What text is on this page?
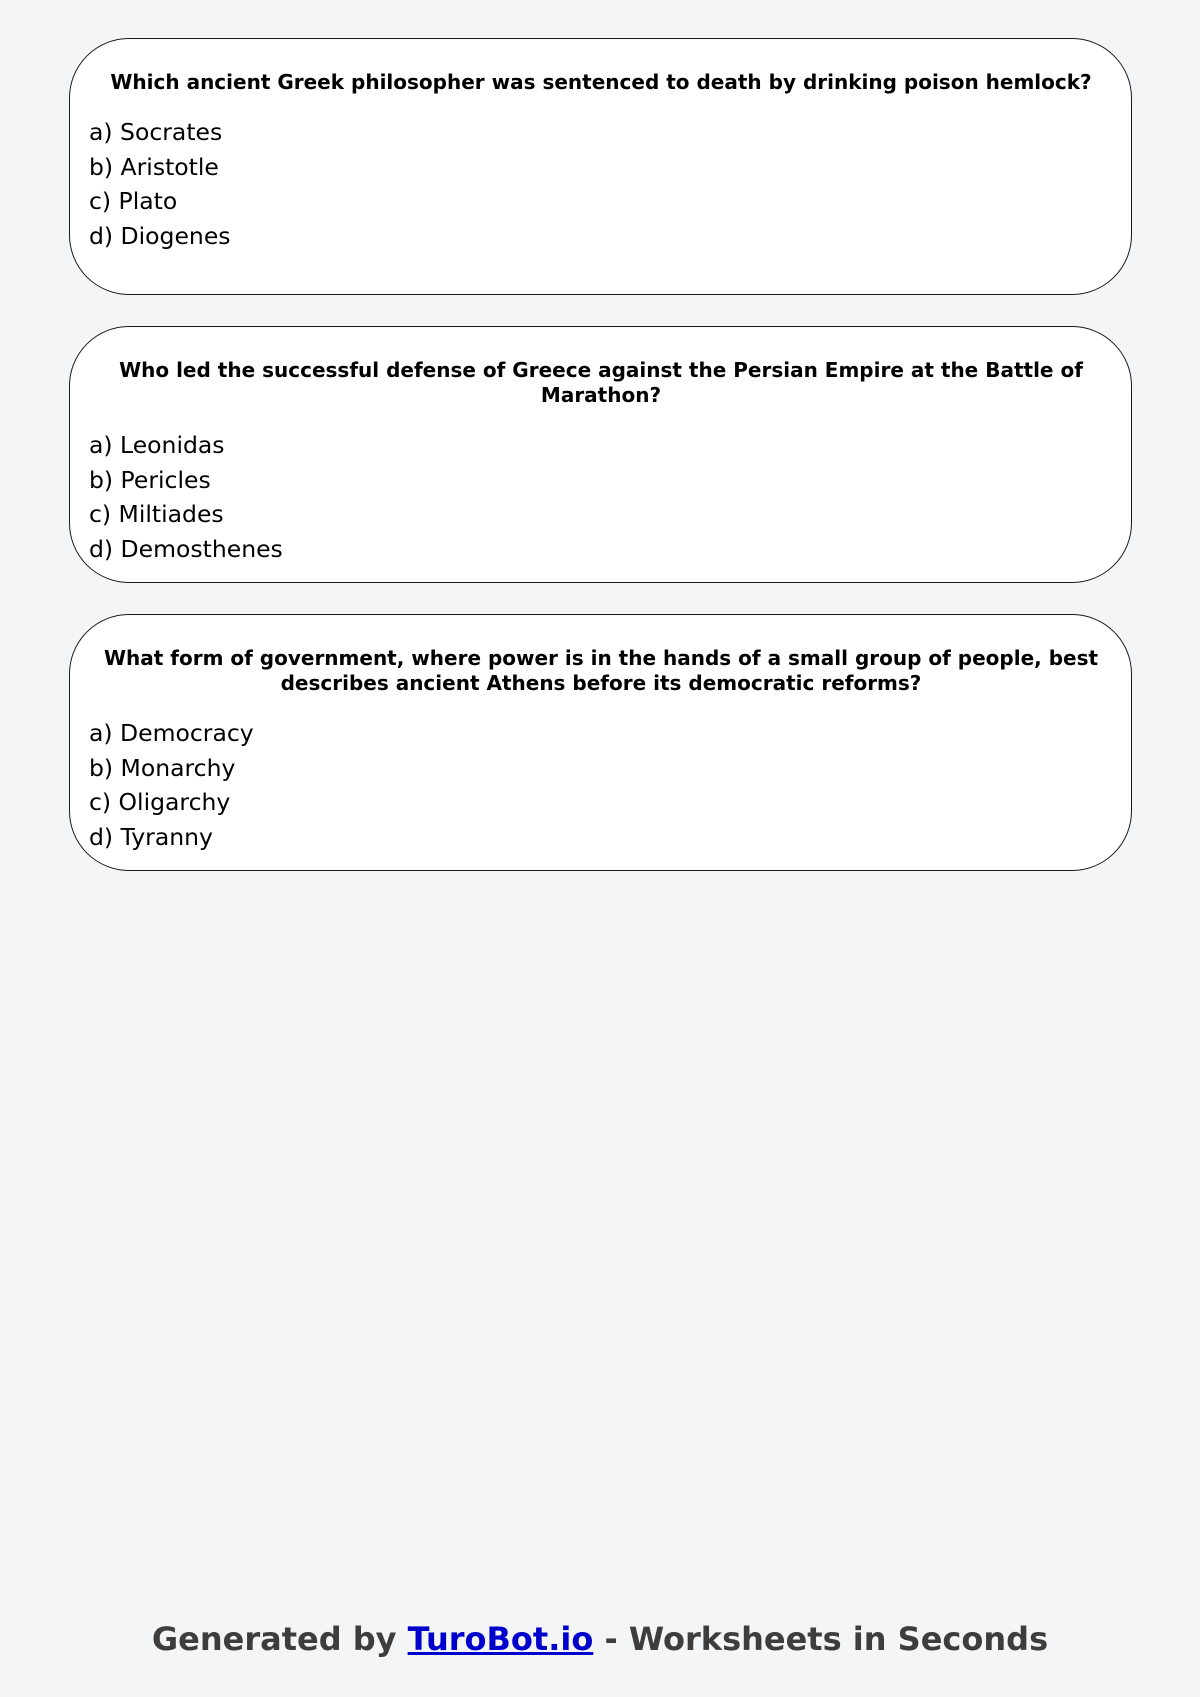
Which ancient Greek philosopher was sentenced to death by drinking poison hemlock?
a) Socrates
b) Aristotle
c) Plato
d) Diogenes
Who led the successful defense of Greece against the Persian Empire at the Battle of Marathon?
a) Leonidas
b) Pericles
c) Miltiades
d) Demosthenes
What form of government, where power is in the hands of a small group of people, best describes ancient Athens before its democratic reforms?
a) Democracy
b) Monarchy
c) Oligarchy
d) Tyranny
Generated by TuroBot.io - Worksheets in Seconds
